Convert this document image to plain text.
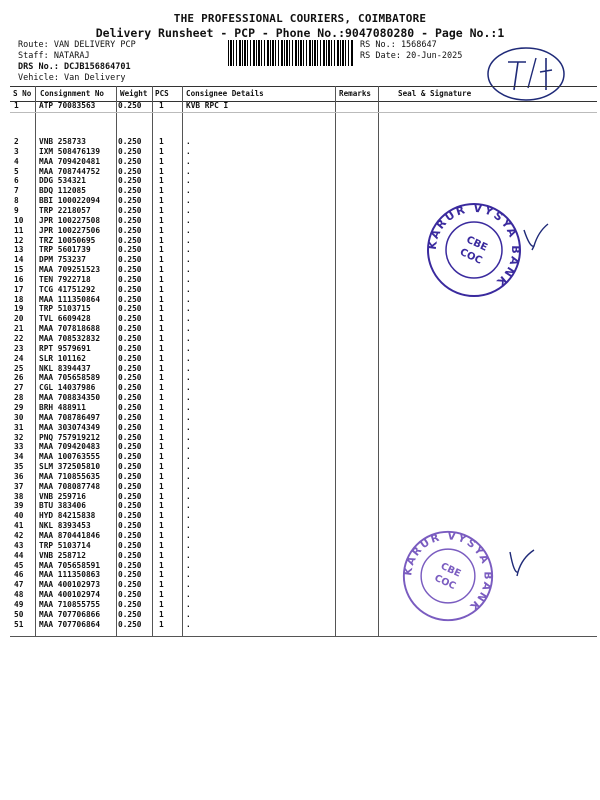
THE PROFESSIONAL COURIERS, COIMBATORE
Delivery Runsheet - PCP - Phone No.:9047080280 - Page No.:1
Route: VAN DELIVERY PCP
Staff: NATARAJ
DRS No.: DCJB156864701
Vehicle: Van Delivery
RS No.: 1568647
RS Date: 20-Jun-2025
S No Consignment No Weight PCS Consignee Details	Remarks	Seal & Signature
1	ATP 70083563	0.250 1	KVB RPC I
2	VNB 258733	0.250 1	.
3	IXM 508476139 0.250 1	.
4	MAA 709420481 0.250 1	.
5	MAA 708744752 0.250 1	.
6	DDG 534321	0.250 1	.
7	BDQ 112085	0.250 1	.
8	BBI 100022094 0.250 1	.
9	TRP 2218057	0.250 1	.
10 JPR 100227508 0.250 1	.
11 JPR 100227506 0.250 1	.
12 TRZ 10050695	0.250 1	.
13 TRP 5601739	0.250 1	.
14 DPM 753237	0.250 1	.
15 MAA 709251523 0.250 1	.
16 TEN 7922718	0.250 1	.
17 TCG 41751292	0.250 1	.
18 MAA 111350864 0.250 1	.
19 TRP 5103715	0.250 1	.
20 TVL 6609428	0.250 1	.
21 MAA 707818688 0.250 1	.
22 MAA 708532832 0.250 1	.
23 RPT 9579691	0.250 1	.
24 SLR 101162	0.250 1	.
25 NKL 8394437	0.250 1	.
26 MAA 705658589 0.250 1	.
27 CGL 14037986	0.250 1	.
28 MAA 708834350 0.250 1	.
29 BRH 488911	0.250 1	.
30 MAA 708786497 0.250 1	.
31 MAA 303074349 0.250 1	.
32 PNQ 757919212 0.250 1	.
33 MAA 709420483 0.250 1	.
34 MAA 100763555 0.250 1	.
35 SLM 372505810 0.250 1	.
36 MAA 710855635 0.250 1	.
37 MAA 708087748 0.250 1	.
38 VNB 259716	0.250 1	.
39 BTU 383406	0.250 1	.
40 HYD 84215838	0.250 1	.
41 NKL 8393453	0.250 1	.
42 MAA 870441846 0.250 1	.
43 TRP 5103714	0.250 1	.
44 VNB 258712	0.250 1	.
45 MAA 705658591 0.250 1	.
46 MAA 111350863 0.250 1	.
47 MAA 400102973 0.250 1	.
48 MAA 400102974 0.250 1	.
49 MAA 710855755 0.250 1	.
50 MAA 707706866 0.250 1	.
51 MAA 707706864 0.250 1	.
KARUR VYSYA BANK
CBE
COC
KARUR VYSYA BANK
CBE
COC
